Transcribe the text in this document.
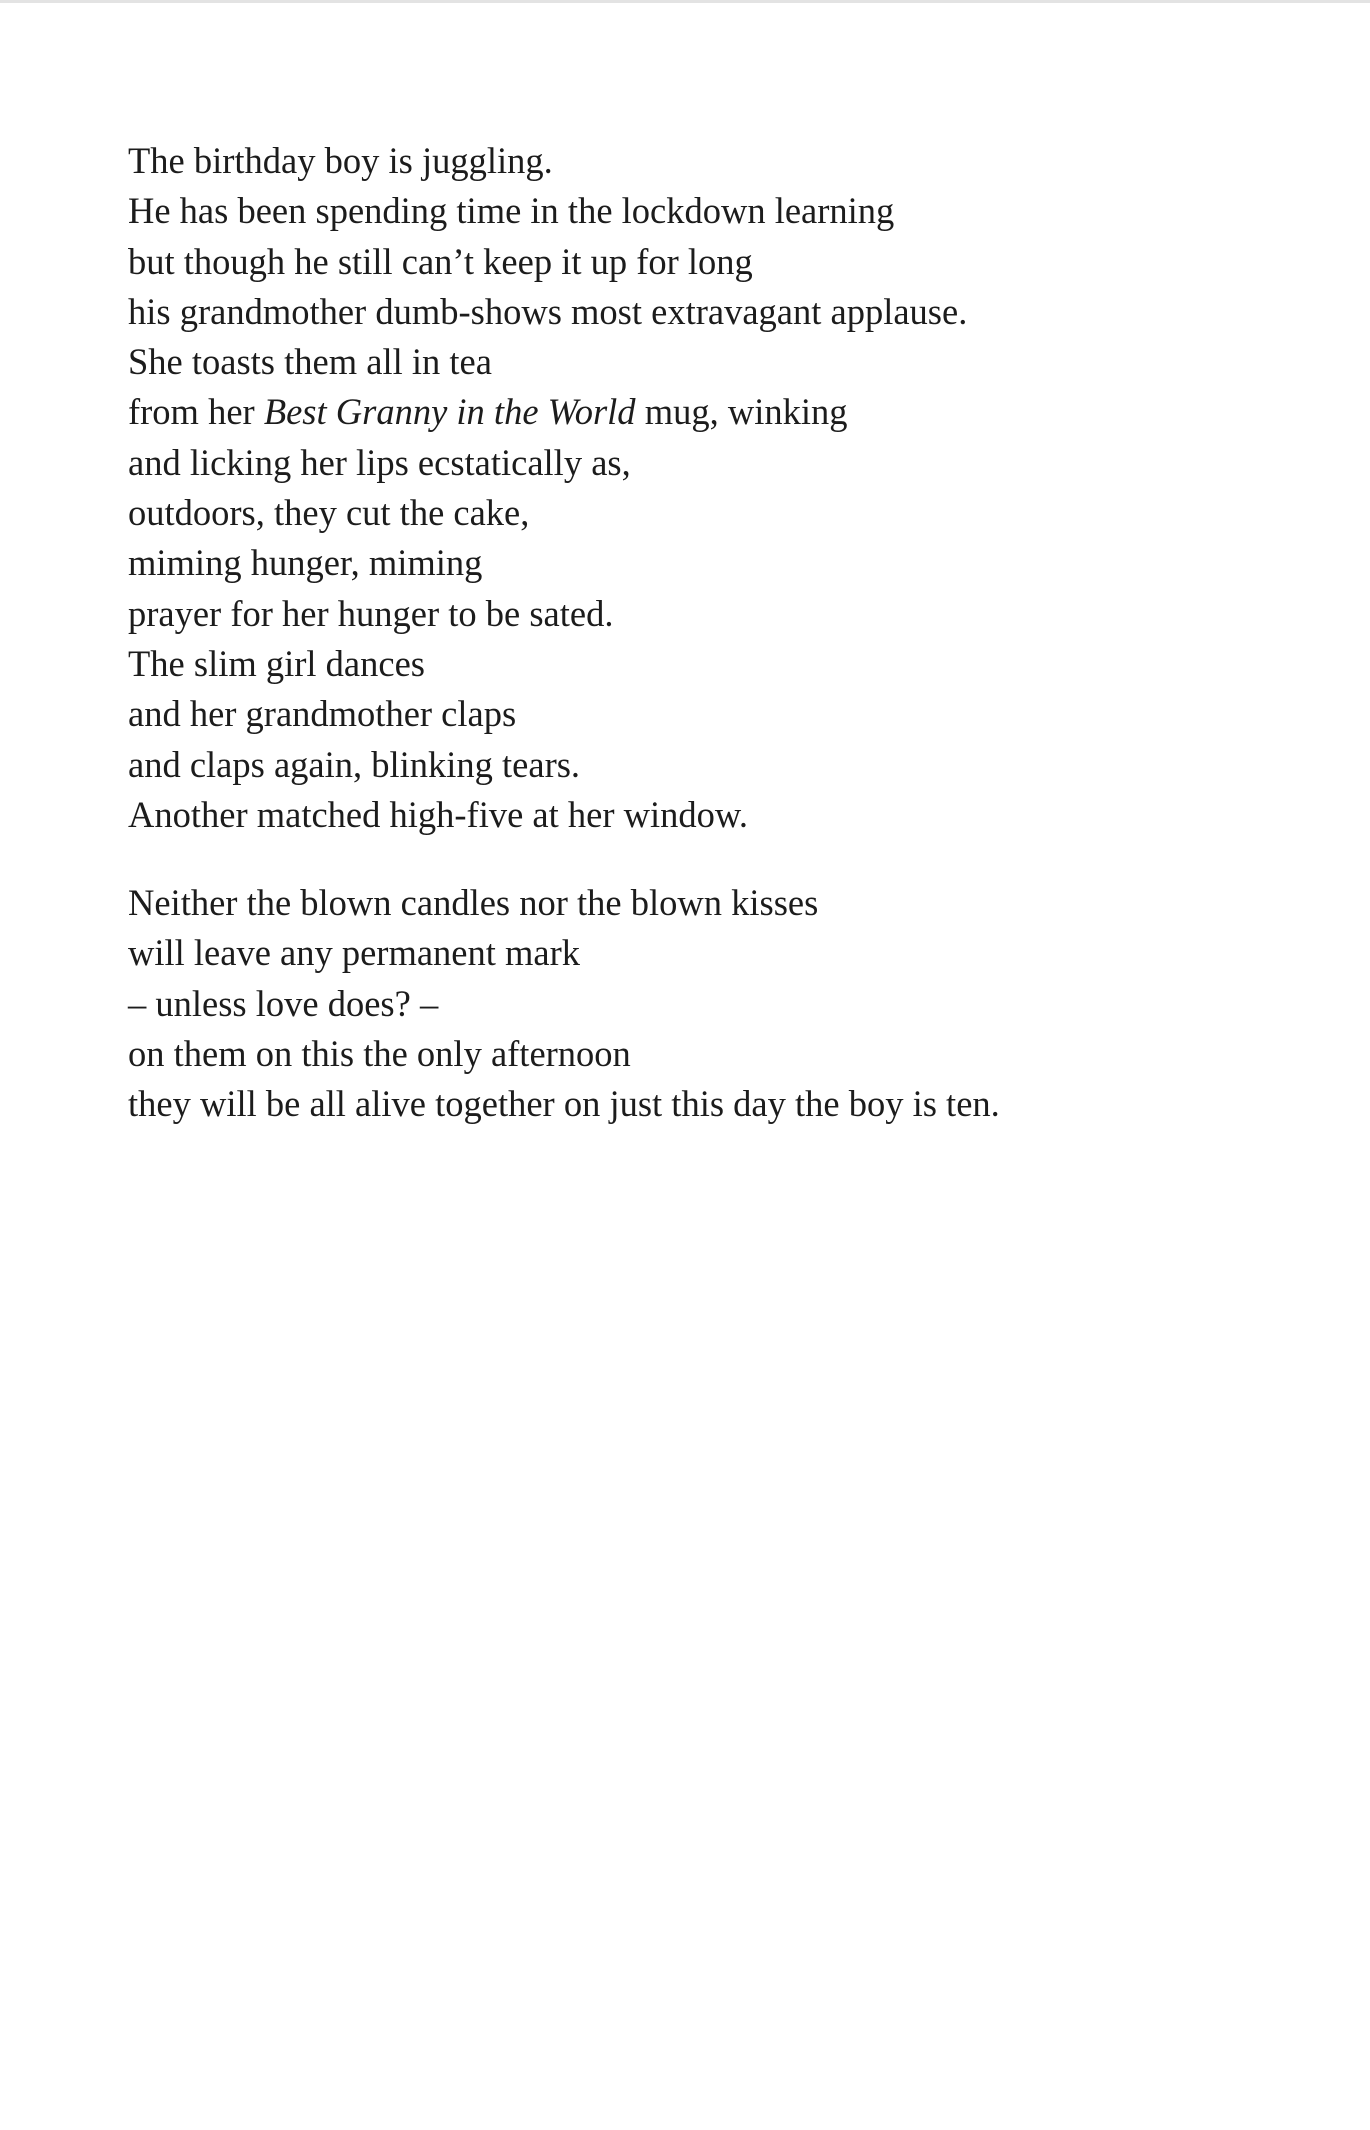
The birthday boy is juggling.
He has been spending time in the lockdown learning
but though he still can’t keep it up for long
his grandmother dumb-shows most extravagant applause.
She toasts them all in tea
from her Best Granny in the World mug, winking
and licking her lips ecstatically as,
outdoors, they cut the cake,
miming hunger, miming
prayer for her hunger to be sated.
The slim girl dances
and her grandmother claps
and claps again, blinking tears.
Another matched high-five at her window.

Neither the blown candles nor the blown kisses
will leave any permanent mark
– unless love does? –
on them on this the only afternoon
they will be all alive together on just this day the boy is ten.
